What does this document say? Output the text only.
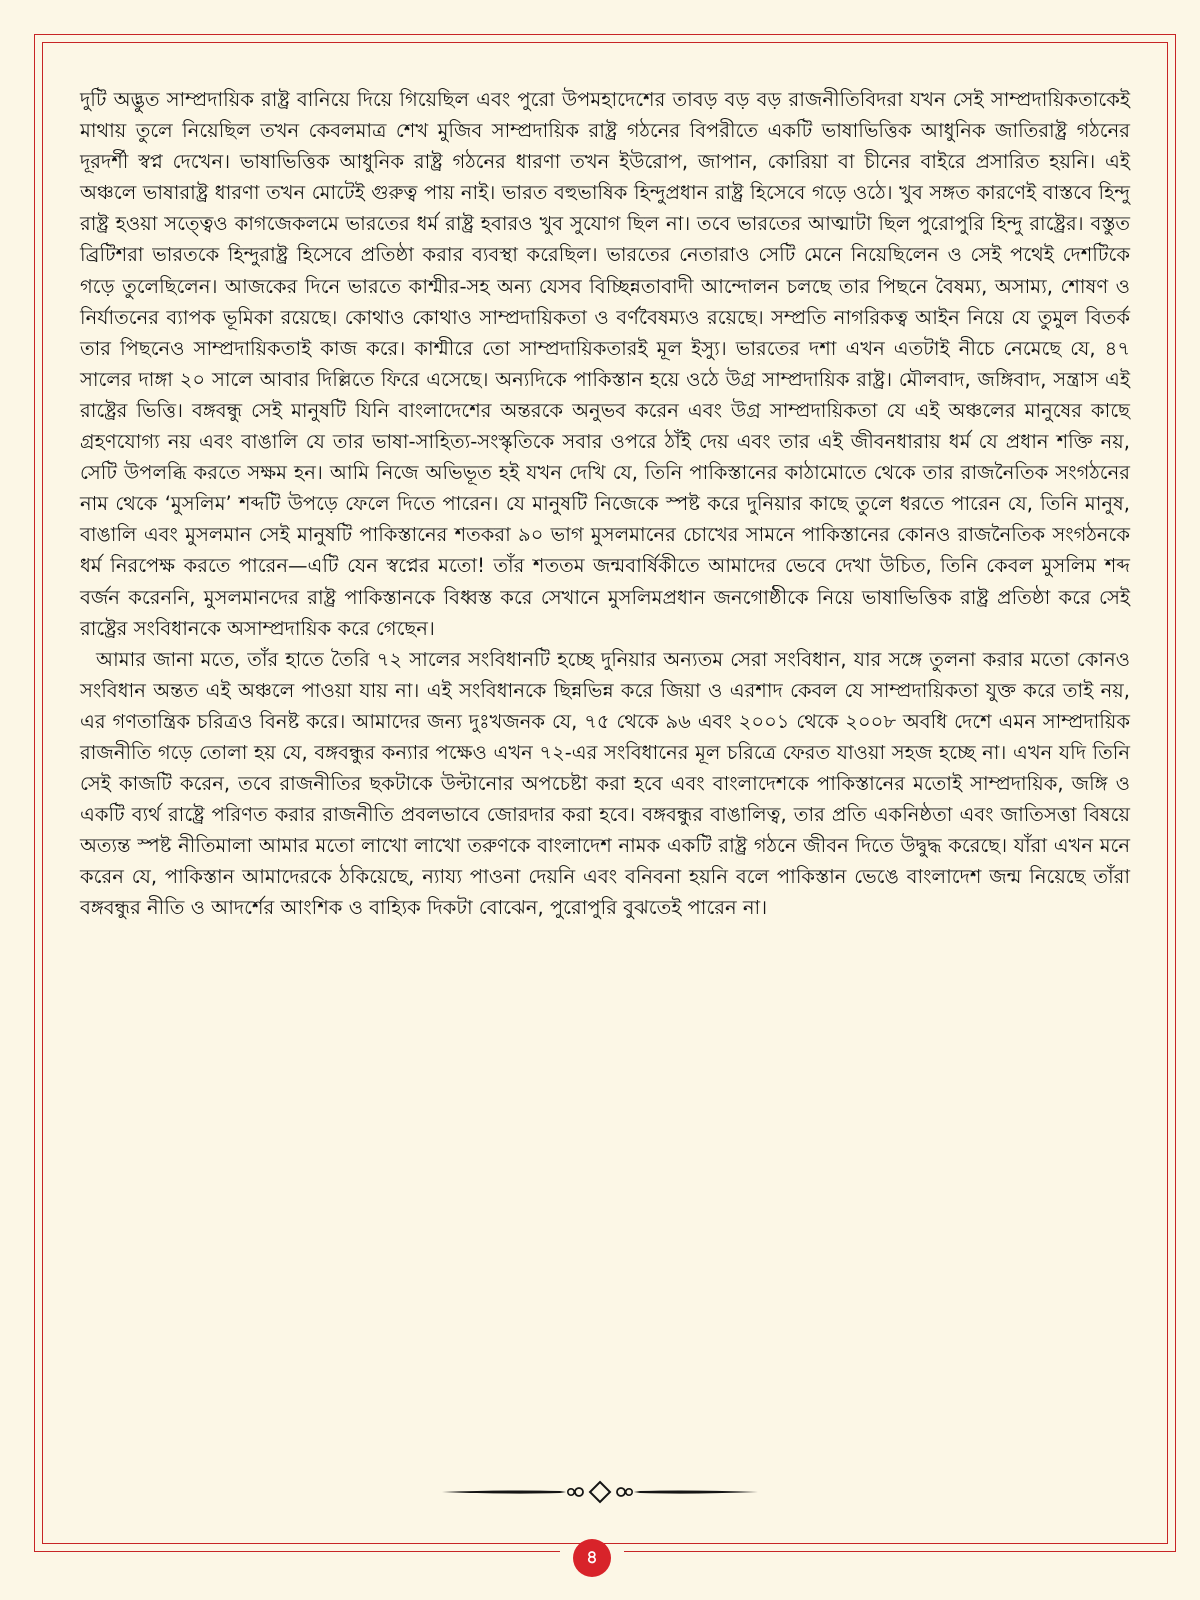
দুটি অদ্ভুত সাম্প্রদায়িক রাষ্ট্র বানিয়ে দিয়ে গিয়েছিল এবং পুরো উপমহাদেশের তাবড় বড় বড় রাজনীতিবিদরা যখন সেই সাম্প্রদায়িকতাকেই মাথায় তুলে নিয়েছিল তখন কেবলমাত্র শেখ মুজিব সাম্প্রদায়িক রাষ্ট্র গঠনের বিপরীতে একটি ভাষাভিত্তিক আধুনিক জাতিরাষ্ট্র গঠনের দূরদর্শী স্বপ্ন দেখেন। ভাষাভিত্তিক আধুনিক রাষ্ট্র গঠনের ধারণা তখন ইউরোপ, জাপান, কোরিয়া বা চীনের বাইরে প্রসারিত হয়নি। এই অঞ্চলে ভাষারাষ্ট্র ধারণা তখন মোটেই গুরুত্ব পায় নাই। ভারত বহুভাষিক হিন্দুপ্রধান রাষ্ট্র হিসেবে গড়ে ওঠে। খুব সঙ্গত কারণেই বাস্তবে হিন্দু রাষ্ট্র হওয়া সত্ত্বেও কাগজেকলমে ভারতের ধর্ম রাষ্ট্র হবারও খুব সুযোগ ছিল না। তবে ভারতের আত্মাটা ছিল পুরোপুরি হিন্দু রাষ্ট্রের। বস্তুত ব্রিটিশরা ভারতকে হিন্দুরাষ্ট্র হিসেবে প্রতিষ্ঠা করার ব্যবস্থা করেছিল। ভারতের নেতারাও সেটি মেনে নিয়েছিলেন ও সেই পথেই দেশটিকে গড়ে তুলেছিলেন। আজকের দিনে ভারতে কাশ্মীর-সহ অন্য যেসব বিচ্ছিন্নতাবাদী আন্দোলন চলছে তার পিছনে বৈষম্য, অসাম্য, শোষণ ও নির্যাতনের ব্যাপক ভূমিকা রয়েছে। কোথাও কোথাও সাম্প্রদায়িকতা ও বর্ণবৈষম্যও রয়েছে। সম্প্রতি নাগরিকত্ব আইন নিয়ে যে তুমুল বিতর্ক তার পিছনেও সাম্প্রদায়িকতাই কাজ করে। কাশ্মীরে তো সাম্প্রদায়িকতারই মূল ইস্যু। ভারতের দশা এখন এতটাই নীচে নেমেছে যে, ৪৭ সালের দাঙ্গা ২০ সালে আবার দিল্লিতে ফিরে এসেছে। অন্যদিকে পাকিস্তান হয়ে ওঠে উগ্র সাম্প্রদায়িক রাষ্ট্র। মৌলবাদ, জঙ্গিবাদ, সন্ত্রাস এই রাষ্ট্রের ভিত্তি। বঙ্গবন্ধু সেই মানুষটি যিনি বাংলাদেশের অন্তরকে অনুভব করেন এবং উগ্র সাম্প্রদায়িকতা যে এই অঞ্চলের মানুষের কাছে গ্রহণযোগ্য নয় এবং বাঙালি যে তার ভাষা-সাহিত্য-সংস্কৃতিকে সবার ওপরে ঠাঁই দেয় এবং তার এই জীবনধারায় ধর্ম যে প্রধান শক্তি নয়, সেটি উপলব্ধি করতে সক্ষম হন। আমি নিজে অভিভূত হই যখন দেখি যে, তিনি পাকিস্তানের কাঠামোতে থেকে তার রাজনৈতিক সংগঠনের নাম থেকে ‘মুসলিম’ শব্দটি উপড়ে ফেলে দিতে পারেন। যে মানুষটি নিজেকে স্পষ্ট করে দুনিয়ার কাছে তুলে ধরতে পারেন যে, তিনি মানুষ, বাঙালি এবং মুসলমান সেই মানুষটি পাকিস্তানের শতকরা ৯০ ভাগ মুসলমানের চোখের সামনে পাকিস্তানের কোনও রাজনৈতিক সংগঠনকে ধর্ম নিরপেক্ষ করতে পারেন—এটি যেন স্বপ্নের মতো! তাঁর শততম জন্মবার্ষিকীতে আমাদের ভেবে দেখা উচিত, তিনি কেবল মুসলিম শব্দ বর্জন করেননি, মুসলমানদের রাষ্ট্র পাকিস্তানকে বিধ্বস্ত করে সেখানে মুসলিমপ্রধান জনগোষ্ঠীকে নিয়ে ভাষাভিত্তিক রাষ্ট্র প্রতিষ্ঠা করে সেই রাষ্ট্রের সংবিধানকে অসাম্প্রদায়িক করে গেছেন।

আমার জানা মতে, তাঁর হাতে তৈরি ৭২ সালের সংবিধানটি হচ্ছে দুনিয়ার অন্যতম সেরা সংবিধান, যার সঙ্গে তুলনা করার মতো কোনও সংবিধান অন্তত এই অঞ্চলে পাওয়া যায় না। এই সংবিধানকে ছিন্নভিন্ন করে জিয়া ও এরশাদ কেবল যে সাম্প্রদায়িকতা যুক্ত করে তাই নয়, এর গণতান্ত্রিক চরিত্রও বিনষ্ট করে। আমাদের জন্য দুঃখজনক যে, ৭৫ থেকে ৯৬ এবং ২০০১ থেকে ২০০৮ অবধি দেশে এমন সাম্প্রদায়িক রাজনীতি গড়ে তোলা হয় যে, বঙ্গবন্ধুর কন্যার পক্ষেও এখন ৭২-এর সংবিধানের মূল চরিত্রে ফেরত যাওয়া সহজ হচ্ছে না। এখন যদি তিনি সেই কাজটি করেন, তবে রাজনীতির ছকটাকে উল্টানোর অপচেষ্টা করা হবে এবং বাংলাদেশকে পাকিস্তানের মতোই সাম্প্রদায়িক, জঙ্গি ও একটি ব্যর্থ রাষ্ট্রে পরিণত করার রাজনীতি প্রবলভাবে জোরদার করা হবে। বঙ্গবন্ধুর বাঙালিত্ব, তার প্রতি একনিষ্ঠতা এবং জাতিসত্তা বিষয়ে অত্যন্ত স্পষ্ট নীতিমালা আমার মতো লাখো লাখো তরুণকে বাংলাদেশ নামক একটি রাষ্ট্র গঠনে জীবন দিতে উদ্বুদ্ধ করেছে। যাঁরা এখন মনে করেন যে, পাকিস্তান আমাদেরকে ঠকিয়েছে, ন্যায্য পাওনা দেয়নি এবং বনিবনা হয়নি বলে পাকিস্তান ভেঙে বাংলাদেশ জন্ম নিয়েছে তাঁরা বঙ্গবন্ধুর নীতি ও আদর্শের আংশিক ও বাহ্যিক দিকটা বোঝেন, পুরোপুরি বুঝতেই পারেন না।

৪
